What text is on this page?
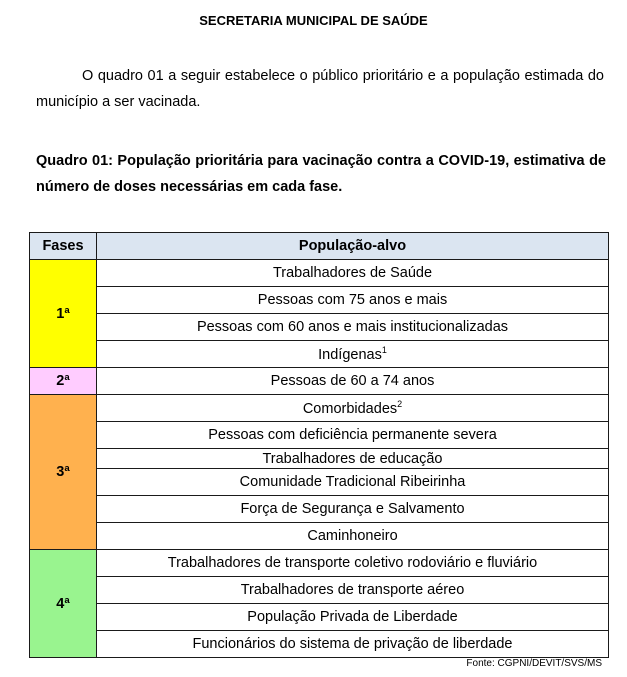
SECRETARIA MUNICIPAL DE SAÚDE
O quadro 01 a seguir estabelece o público prioritário e a população estimada do município a ser vacinada.
Quadro 01: População prioritária para vacinação contra a COVID-19, estimativa de número de doses necessárias em cada fase.
Fases	População-alvo
1ª	Trabalhadores de Saúde
	Pessoas com 75 anos e mais
	Pessoas com 60 anos e mais institucionalizadas
	Indígenas$^1$
2ª	Pessoas de 60 a 74 anos
3ª	Comorbidades$^2$
	Pessoas com deficiência permanente severa
	Trabalhadores de educação
	Comunidade Tradicional Ribeirinha
	Força de Segurança e Salvamento
	Caminhoneiro
4ª	Trabalhadores de transporte coletivo rodoviário e fluviário
	Trabalhadores de transporte aéreo
	População Privada de Liberdade
	Funcionários do sistema de privação de liberdade
Fonte: CGPNI/DEVIT/SVS/MS
